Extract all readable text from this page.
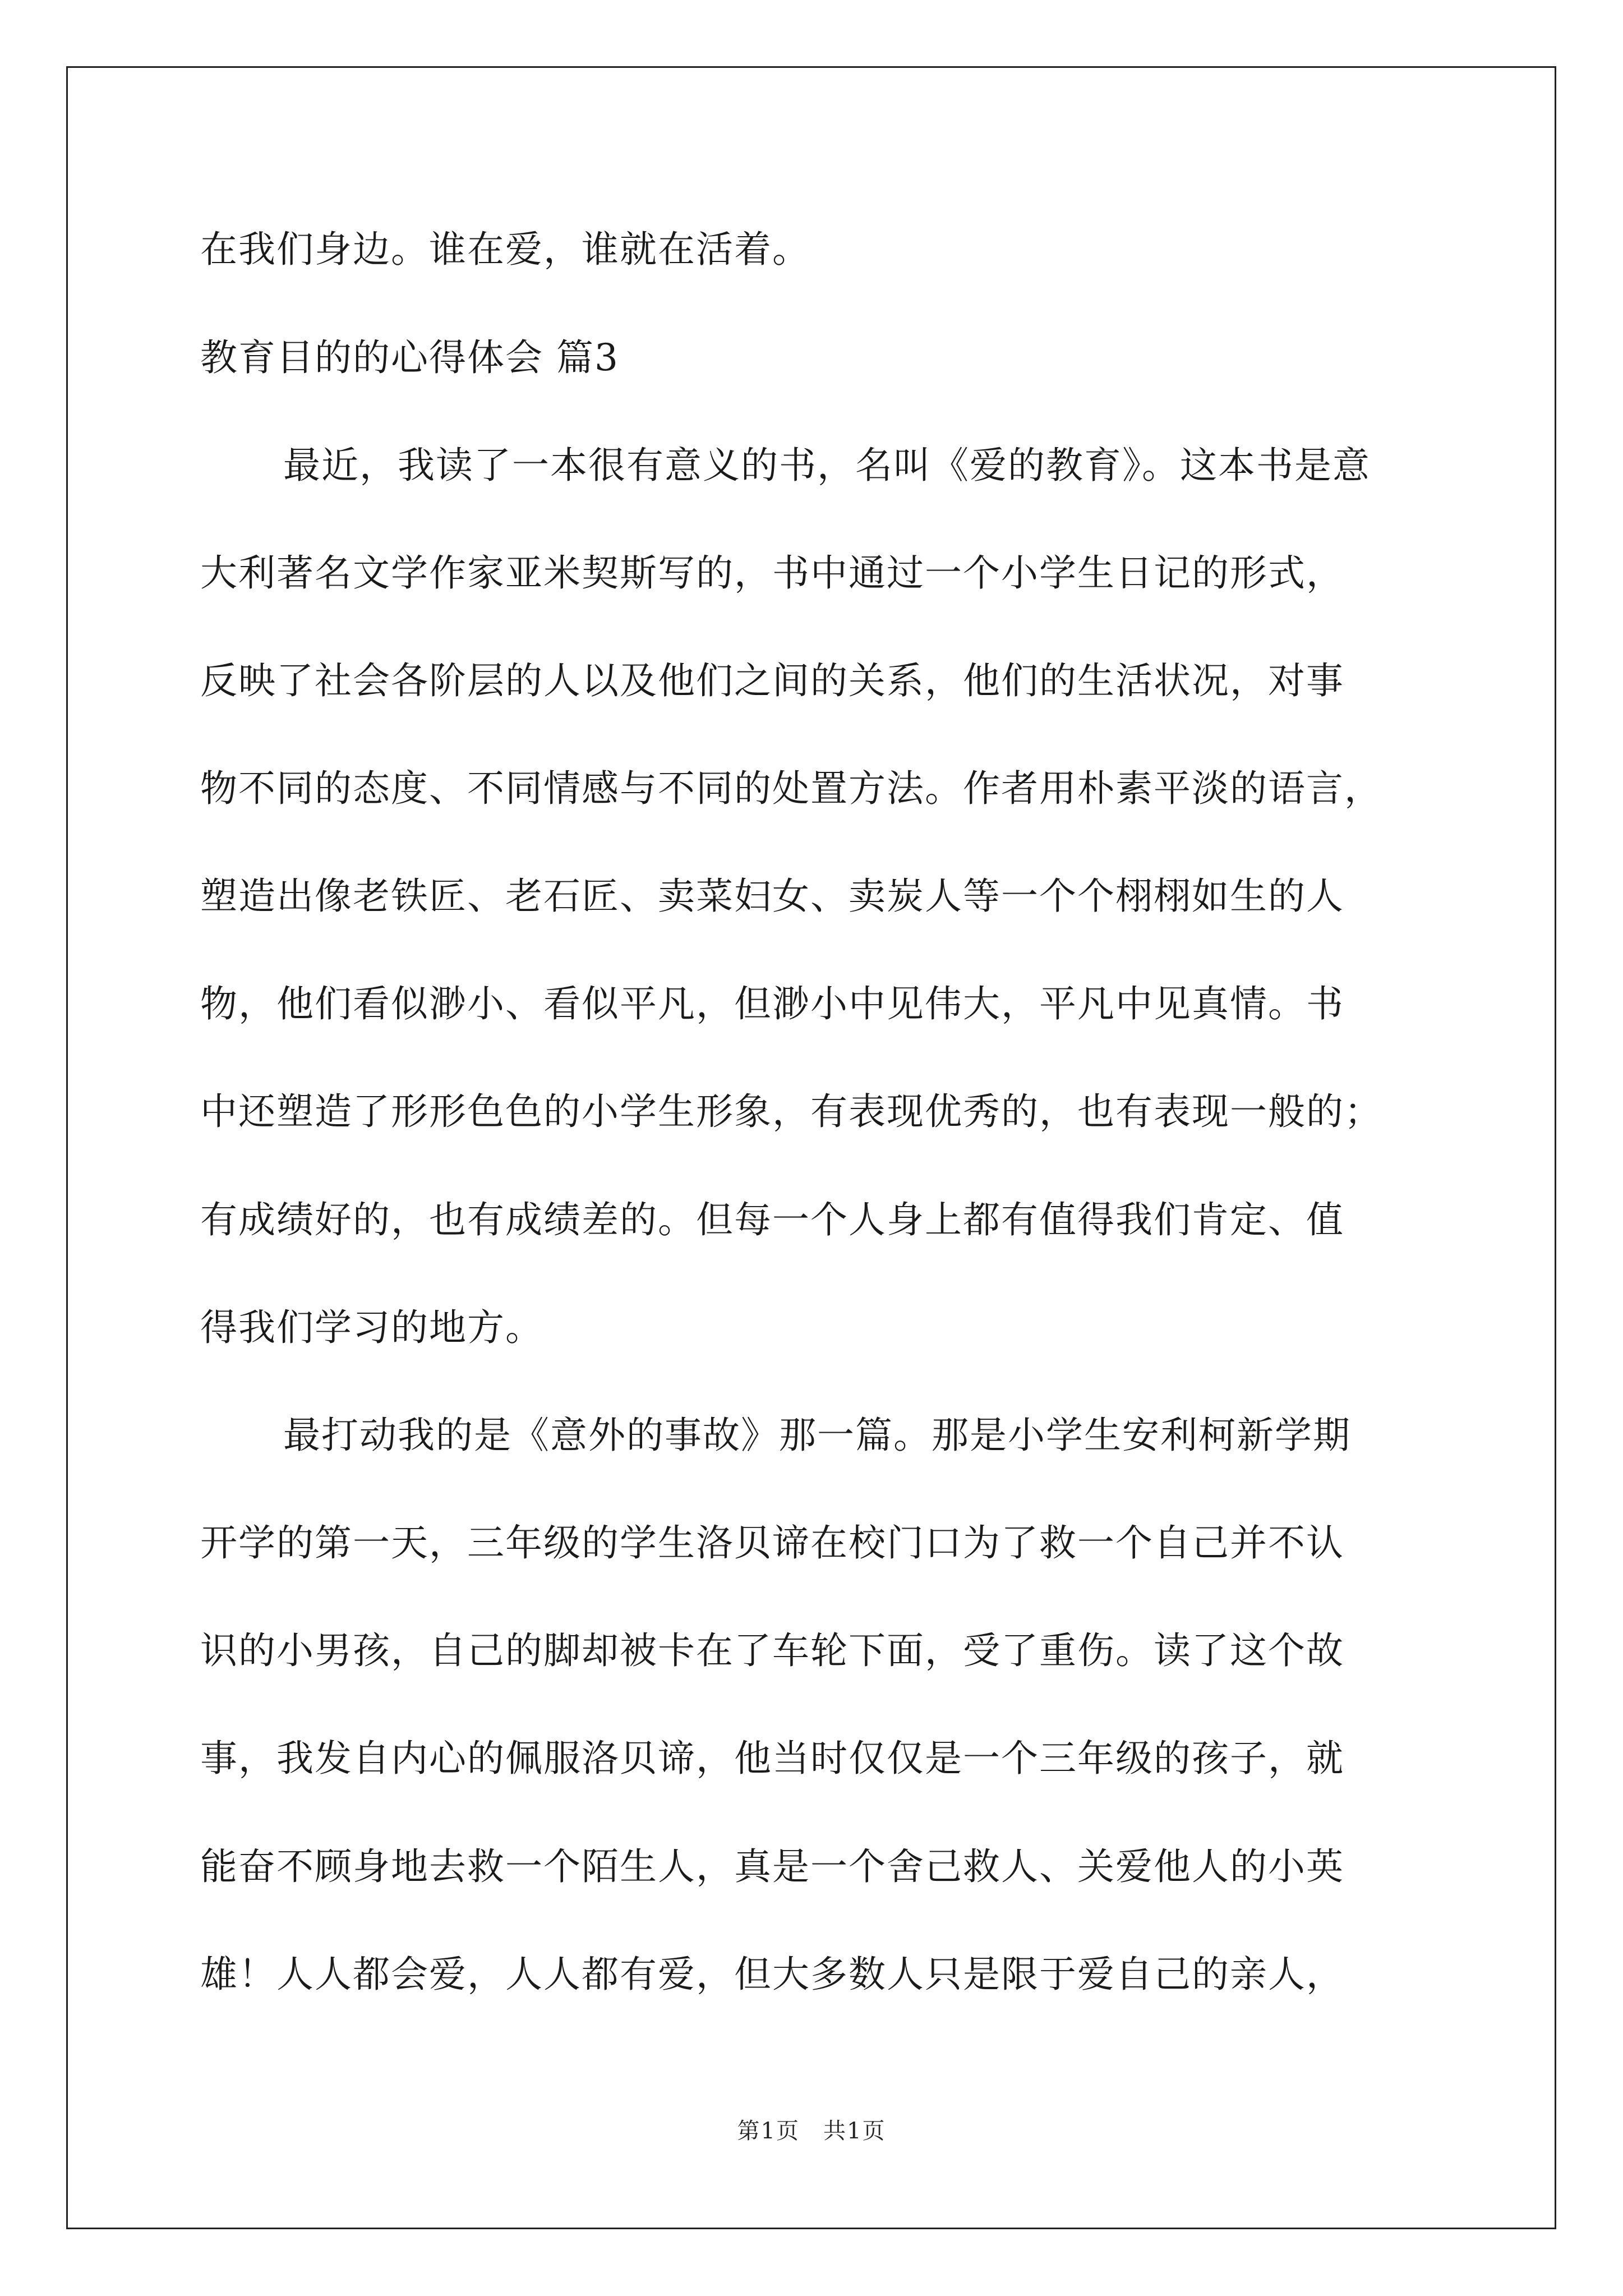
在我们身边。谁在爱，谁就在活着。
教育目的的心得体会 篇3
最近，我读了一本很有意义的书，名叫《爱的教育》。这本书是意
大利著名文学作家亚米契斯写的，书中通过一个小学生日记的形式，
反映了社会各阶层的人以及他们之间的关系，他们的生活状况，对事
物不同的态度、不同情感与不同的处置方法。作者用朴素平淡的语言，
塑造出像老铁匠、老石匠、卖菜妇女、卖炭人等一个个栩栩如生的人
物，他们看似渺小、看似平凡，但渺小中见伟大，平凡中见真情。书
中还塑造了形形色色的小学生形象，有表现优秀的，也有表现一般的；
有成绩好的，也有成绩差的。但每一个人身上都有值得我们肯定、值
得我们学习的地方。
最打动我的是《意外的事故》那一篇。那是小学生安利柯新学期
开学的第一天，三年级的学生洛贝谛在校门口为了救一个自己并不认
识的小男孩，自己的脚却被卡在了车轮下面，受了重伤。读了这个故
事，我发自内心的佩服洛贝谛，他当时仅仅是一个三年级的孩子，就
能奋不顾身地去救一个陌生人，真是一个舍己救人、关爱他人的小英
雄！人人都会爱，人人都有爱，但大多数人只是限于爱自己的亲人，
第1页　共1页
